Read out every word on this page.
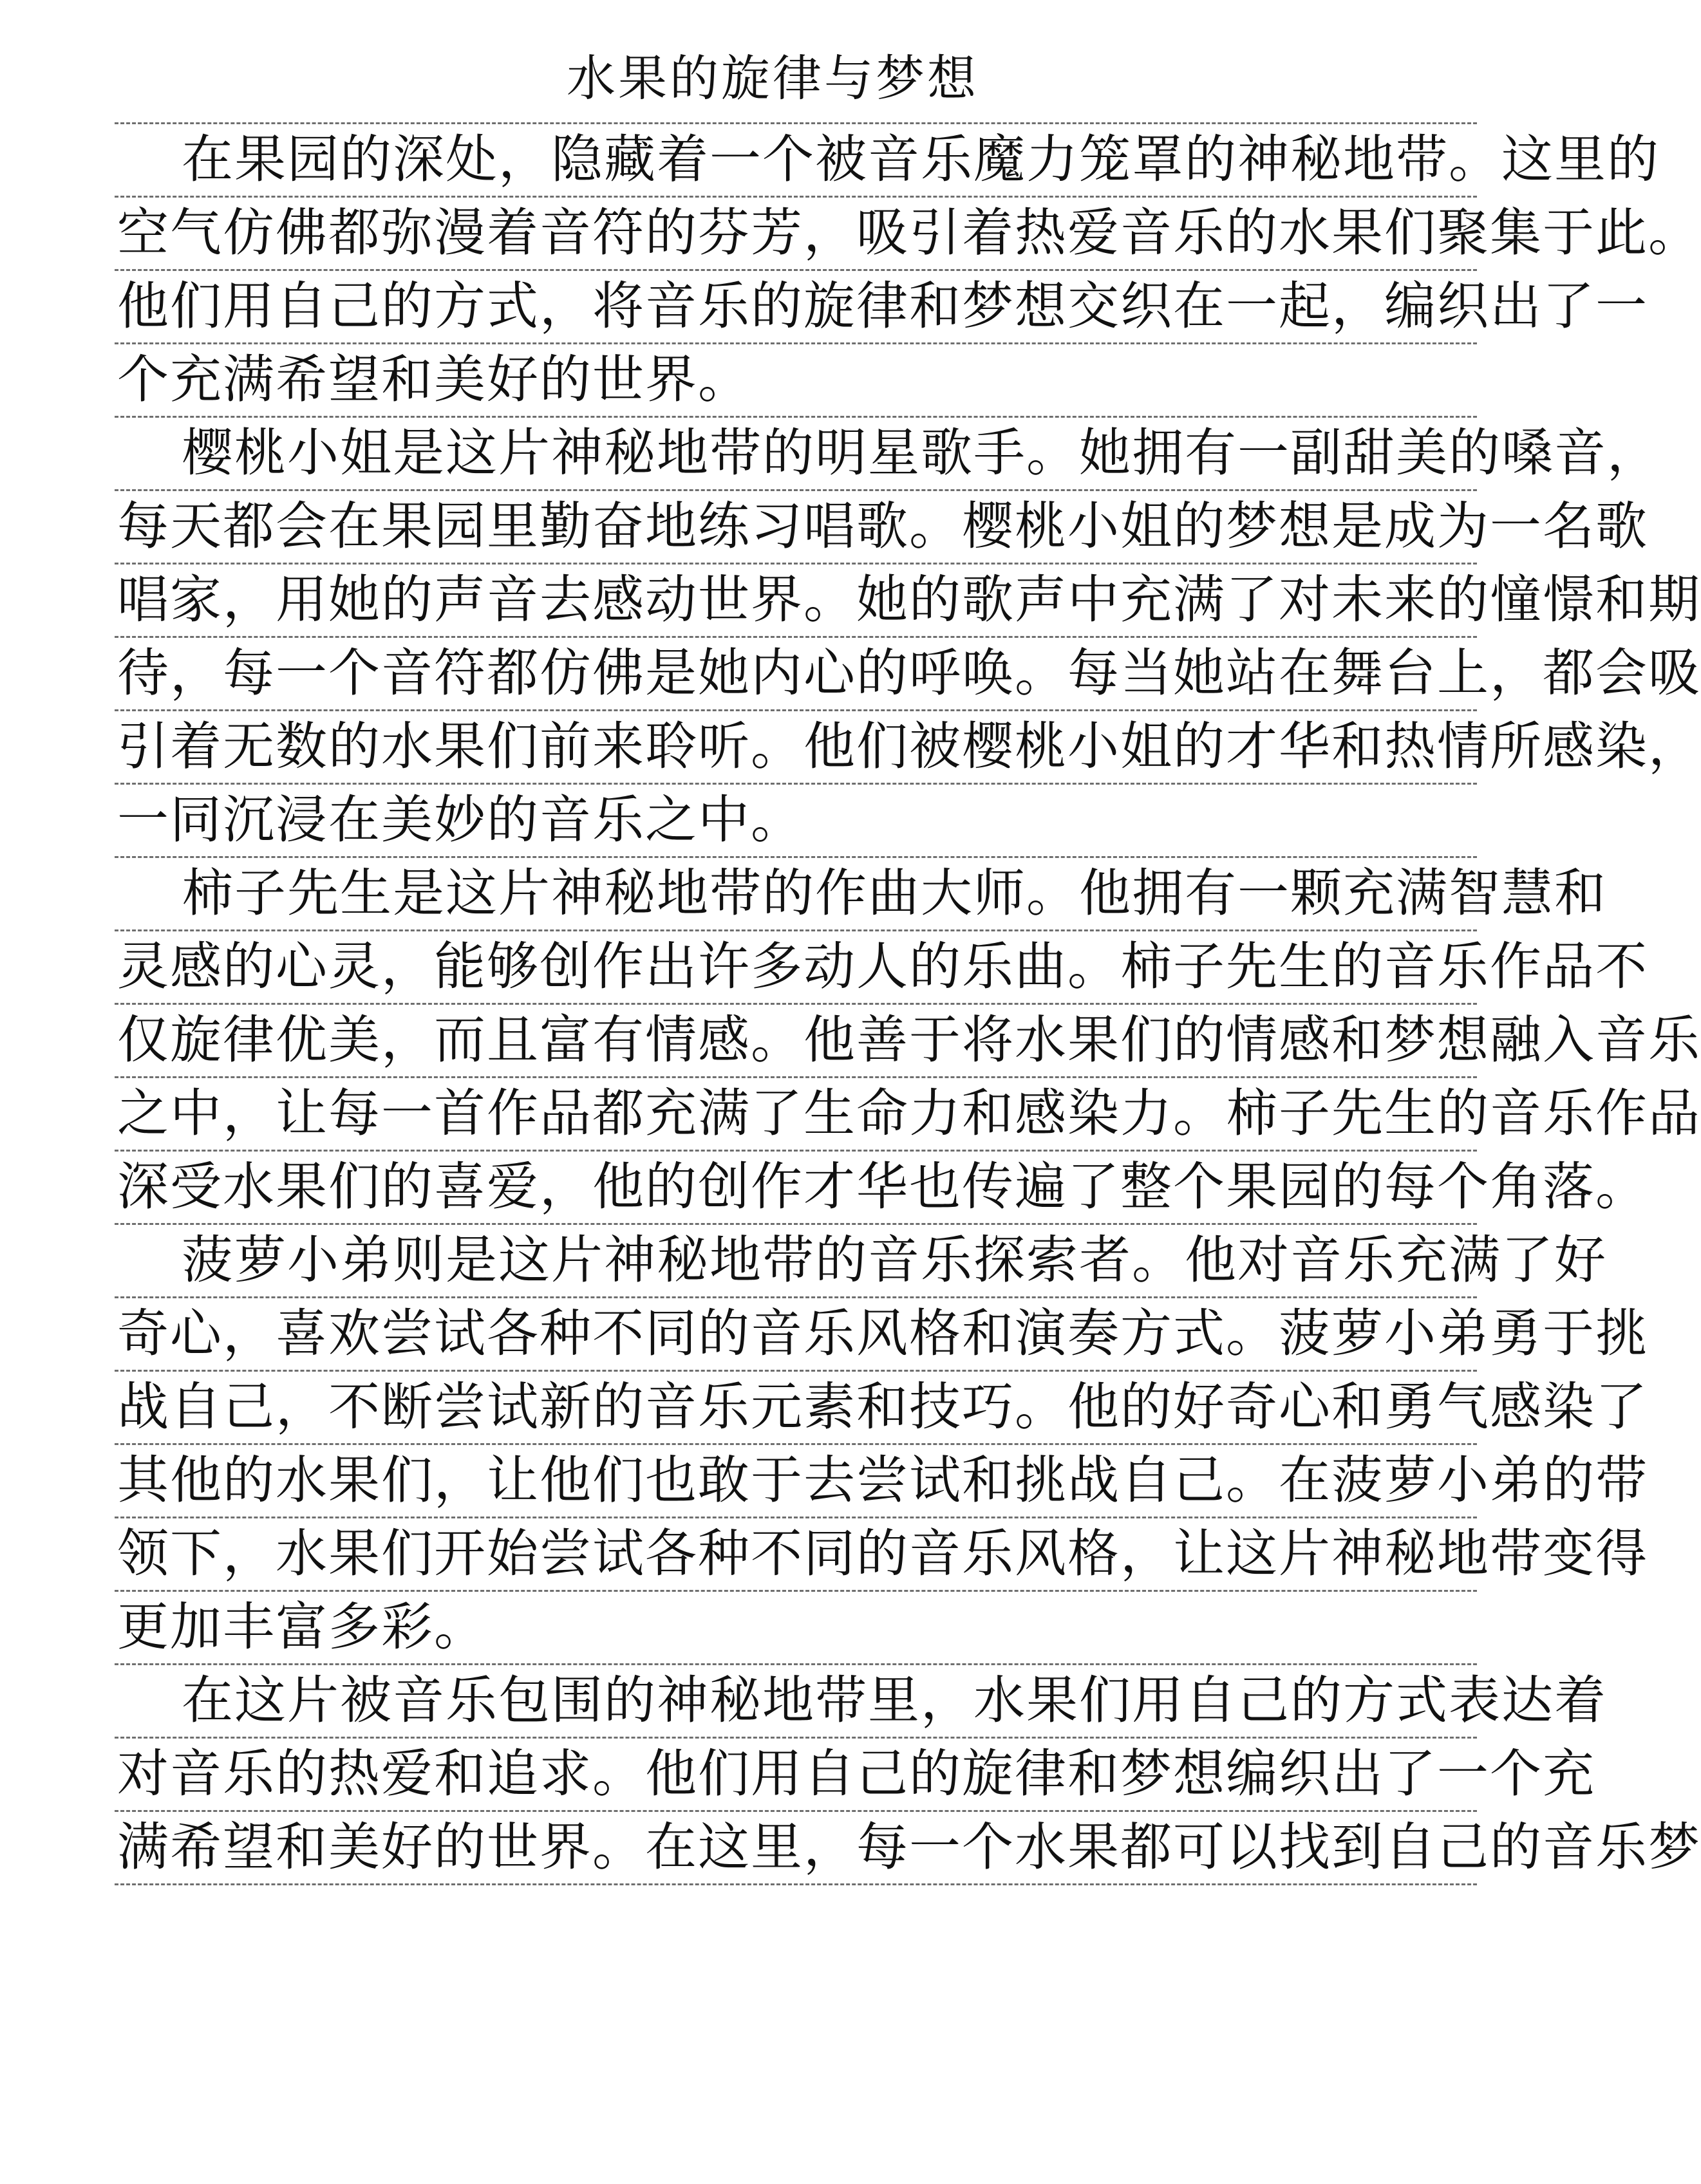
水果的旋律与梦想
在果园的深处，隐藏着一个被音乐魔力笼罩的神秘地带。这里的
空气仿佛都弥漫着音符的芬芳，吸引着热爱音乐的水果们聚集于此。
他们用自己的方式，将音乐的旋律和梦想交织在一起，编织出了一
个充满希望和美好的世界。
樱桃小姐是这片神秘地带的明星歌手。她拥有一副甜美的嗓音，
每天都会在果园里勤奋地练习唱歌。樱桃小姐的梦想是成为一名歌
唱家，用她的声音去感动世界。她的歌声中充满了对未来的憧憬和期
待，每一个音符都仿佛是她内心的呼唤。每当她站在舞台上，都会吸
引着无数的水果们前来聆听。他们被樱桃小姐的才华和热情所感染，
一同沉浸在美妙的音乐之中。
柿子先生是这片神秘地带的作曲大师。他拥有一颗充满智慧和
灵感的心灵，能够创作出许多动人的乐曲。柿子先生的音乐作品不
仅旋律优美，而且富有情感。他善于将水果们的情感和梦想融入音乐
之中，让每一首作品都充满了生命力和感染力。柿子先生的音乐作品
深受水果们的喜爱，他的创作才华也传遍了整个果园的每个角落。
菠萝小弟则是这片神秘地带的音乐探索者。他对音乐充满了好
奇心，喜欢尝试各种不同的音乐风格和演奏方式。菠萝小弟勇于挑
战自己，不断尝试新的音乐元素和技巧。他的好奇心和勇气感染了
其他的水果们，让他们也敢于去尝试和挑战自己。在菠萝小弟的带
领下，水果们开始尝试各种不同的音乐风格，让这片神秘地带变得
更加丰富多彩。
在这片被音乐包围的神秘地带里，水果们用自己的方式表达着
对音乐的热爱和追求。他们用自己的旋律和梦想编织出了一个充
满希望和美好的世界。在这里，每一个水果都可以找到自己的音乐梦
